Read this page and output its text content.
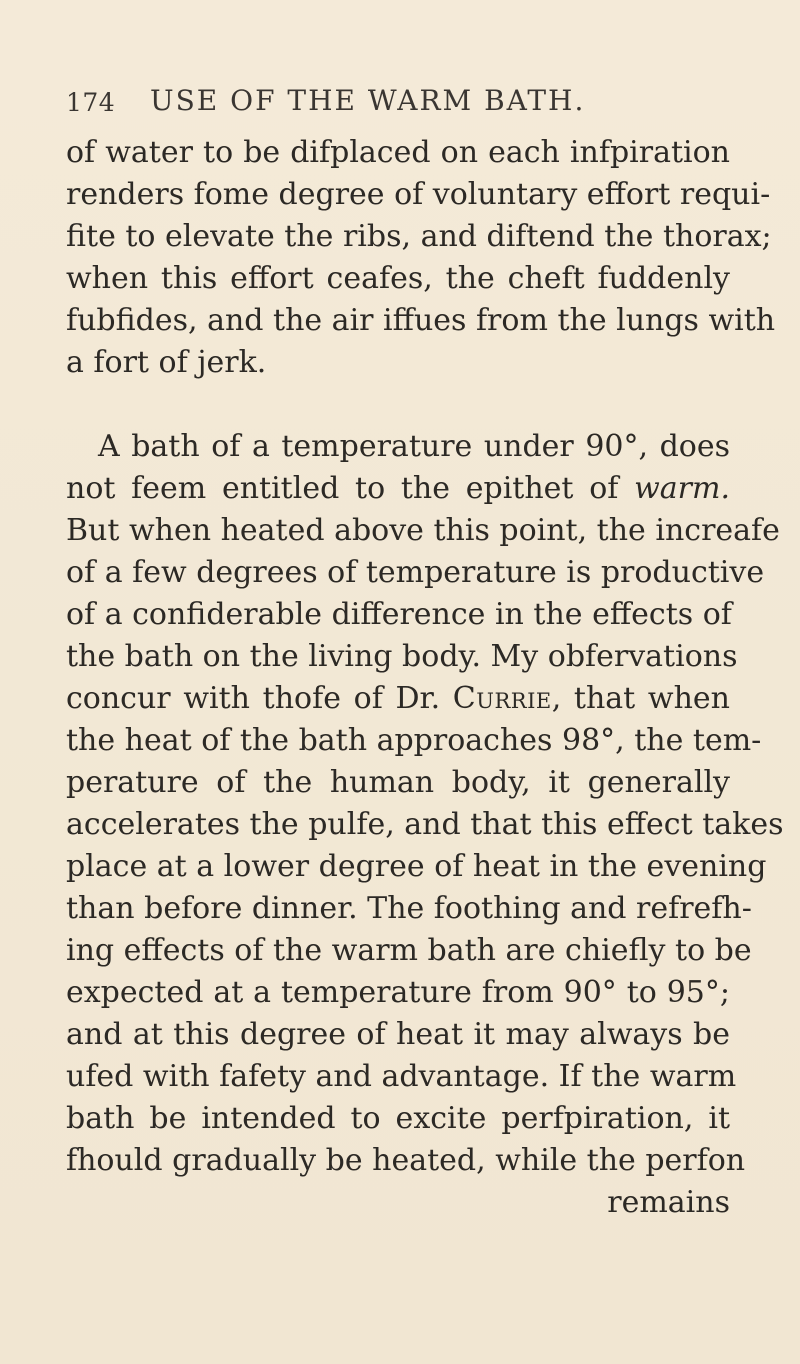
174 USE OF THE WARM BATH.
of water to be difplaced on each infpiration
renders fome degree of voluntary effort requi-
fite to elevate the ribs, and diftend the thorax;
when this effort ceafes, the cheft fuddenly
fubfides, and the air iffues from the lungs with
a fort of jerk.
A bath of a temperature under 90°, does
not feem entitled to the epithet of warm.
But when heated above this point, the increafe
of a few degrees of temperature is productive
of a confiderable difference in the effects of
the bath on the living body. My obfervations
concur with thofe of Dr. Currie, that when
the heat of the bath approaches 98°, the tem-
perature of the human body, it generally
accelerates the pulfe, and that this effect takes
place at a lower degree of heat in the evening
than before dinner. The foothing and refrefh-
ing effects of the warm bath are chiefly to be
expected at a temperature from 90° to 95°;
and at this degree of heat it may always be
ufed with fafety and advantage. If the warm
bath be intended to excite perfpiration, it
fhould gradually be heated, while the perfon
remains
